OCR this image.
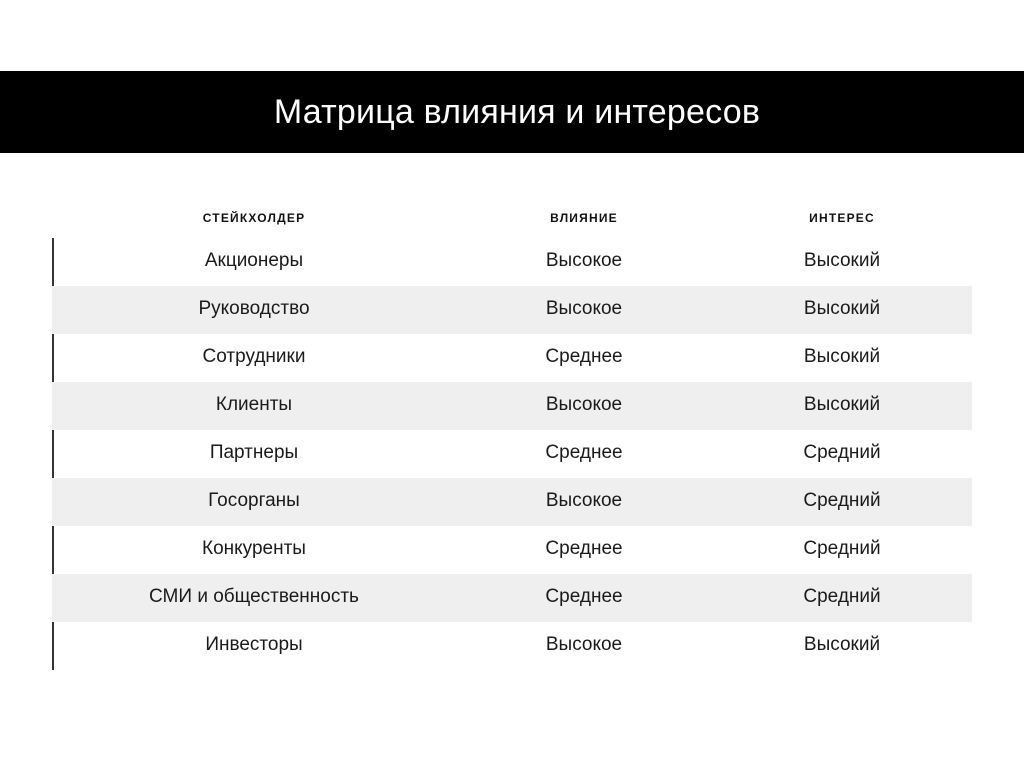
Матрица влияния и интересов
СТЕЙКХОЛДЕР	ВЛИЯНИЕ	ИНТЕРЕС
Акционеры	Высокое	Высокий
Руководство	Высокое	Высокий
Сотрудники	Среднее	Высокий
Клиенты	Высокое	Высокий
Партнеры	Среднее	Средний
Госорганы	Высокое	Средний
Конкуренты	Среднее	Средний
СМИ и общественность	Среднее	Средний
Инвесторы	Высокое	Высокий
